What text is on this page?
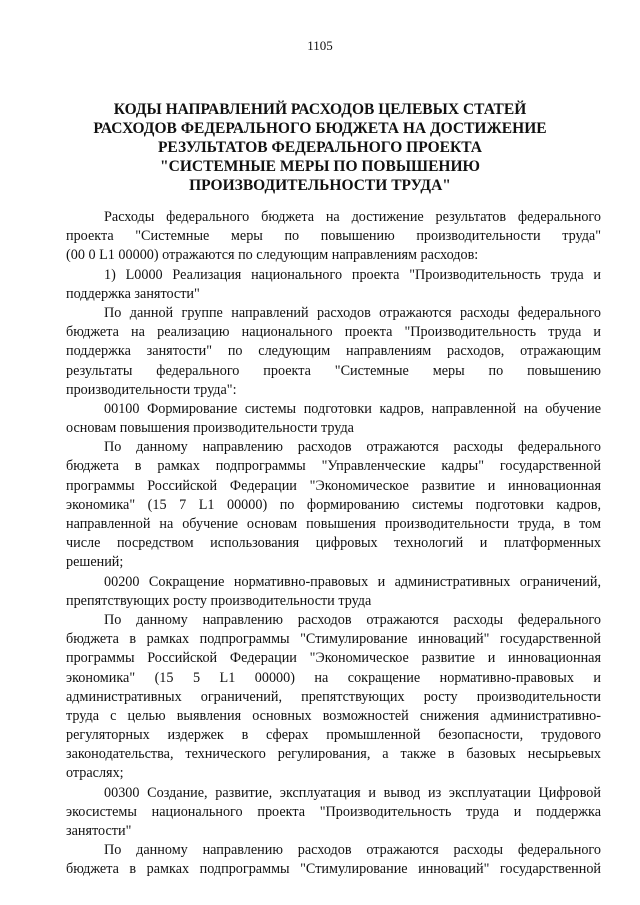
1105
КОДЫ НАПРАВЛЕНИЙ РАСХОДОВ ЦЕЛЕВЫХ СТАТЕЙ
РАСХОДОВ ФЕДЕРАЛЬНОГО БЮДЖЕТА НА ДОСТИЖЕНИЕ
РЕЗУЛЬТАТОВ ФЕДЕРАЛЬНОГО ПРОЕКТА
"СИСТЕМНЫЕ МЕРЫ ПО ПОВЫШЕНИЮ
ПРОИЗВОДИТЕЛЬНОСТИ ТРУДА"
Расходы федерального бюджета на достижение результатов федерального
проекта "Системные меры по повышению производительности труда"
(00 0 L1 00000) отражаются по следующим направлениям расходов:
1) L0000 Реализация национального проекта "Производительность труда и
поддержка занятости"
По данной группе направлений расходов отражаются расходы федерального
бюджета на реализацию национального проекта "Производительность труда и
поддержка занятости" по следующим направлениям расходов, отражающим
результаты федерального проекта "Системные меры по повышению
производительности труда":
00100 Формирование системы подготовки кадров, направленной на обучение
основам повышения производительности труда
По данному направлению расходов отражаются расходы федерального
бюджета в рамках подпрограммы "Управленческие кадры" государственной
программы Российской Федерации "Экономическое развитие и инновационная
экономика" (15 7 L1 00000) по формированию системы подготовки кадров,
направленной на обучение основам повышения производительности труда, в том
числе посредством использования цифровых технологий и платформенных
решений;
00200 Сокращение нормативно-правовых и административных ограничений,
препятствующих росту производительности труда
По данному направлению расходов отражаются расходы федерального
бюджета в рамках подпрограммы "Стимулирование инноваций" государственной
программы Российской Федерации "Экономическое развитие и инновационная
экономика" (15 5 L1 00000) на сокращение нормативно-правовых и
административных ограничений, препятствующих росту производительности
труда с целью выявления основных возможностей снижения административно-
регуляторных издержек в сферах промышленной безопасности, трудового
законодательства, технического регулирования, а также в базовых несырьевых
отраслях;
00300 Создание, развитие, эксплуатация и вывод из эксплуатации Цифровой
экосистемы национального проекта "Производительность труда и поддержка
занятости"
По данному направлению расходов отражаются расходы федерального
бюджета в рамках подпрограммы "Стимулирование инноваций" государственной
